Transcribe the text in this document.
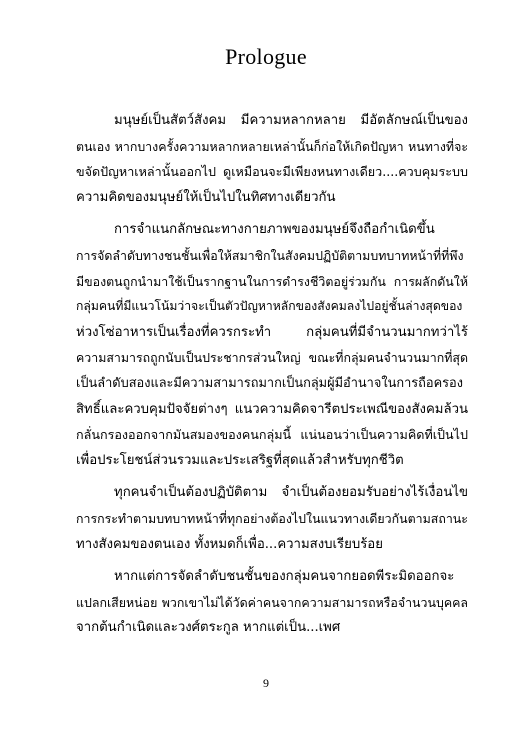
Prologue
มนุษย์เป็นสัตว์สังคม มีความหลากหลาย มีอัตลักษณ์เป็นของ
ตนเอง หากบางครั้งความหลากหลายเหล่านั้นก็ก่อให้เกิดปัญหา หนทางที่จะ
ขจัดปัญหาเหล่านั้นออกไป ดูเหมือนจะมีเพียงหนทางเดียว....ควบคุมระบบ
ความคิดของมนุษย์ให้เป็นไปในทิศทางเดียวกัน
การจำแนกลักษณะทางกายภาพของมนุษย์จึงถือกำเนิดขึ้น
การจัดลำดับทางชนชั้นเพื่อให้สมาชิกในสังคมปฏิบัติตามบทบาทหน้าที่ที่พึง
มีของตนถูกนำมาใช้เป็นรากฐานในการดำรงชีวิตอยู่ร่วมกัน การผลักดันให้
กลุ่มคนที่มีแนวโน้มว่าจะเป็นตัวปัญหาหลักของสังคมลงไปอยู่ชั้นล่างสุดของ
ห่วงโซ่อาหารเป็นเรื่องที่ควรกระทำ กลุ่มคนที่มีจำนวนมากทว่าไร้
ความสามารถถูกนับเป็นประชากรส่วนใหญ่ ขณะที่กลุ่มคนจำนวนมากที่สุด
เป็นลำดับสองและมีความสามารถมากเป็นกลุ่มผู้มีอำนาจในการถือครอง
สิทธิ์และควบคุมปัจจัยต่างๆ แนวความคิดจารีตประเพณีของสังคมล้วน
กลั่นกรองออกจากมันสมองของคนกลุ่มนี้ แน่นอนว่าเป็นความคิดที่เป็นไป
เพื่อประโยชน์ส่วนรวมและประเสริฐที่สุดแล้วสำหรับทุกชีวิต
ทุกคนจำเป็นต้องปฏิบัติตาม จำเป็นต้องยอมรับอย่างไร้เงื่อนไข
การกระทำตามบทบาทหน้าที่ทุกอย่างต้องไปในแนวทางเดียวกันตามสถานะ
ทางสังคมของตนเอง ทั้งหมดก็เพื่อ...ความสงบเรียบร้อย
หากแต่การจัดลำดับชนชั้นของกลุ่มคนจากยอดพีระมิดออกจะ
แปลกเสียหน่อย พวกเขาไม่ได้วัดค่าคนจากความสามารถหรือจำนวนบุคคล
จากต้นกำเนิดและวงศ์ตระกูล หากแต่เป็น...เพศ
9
